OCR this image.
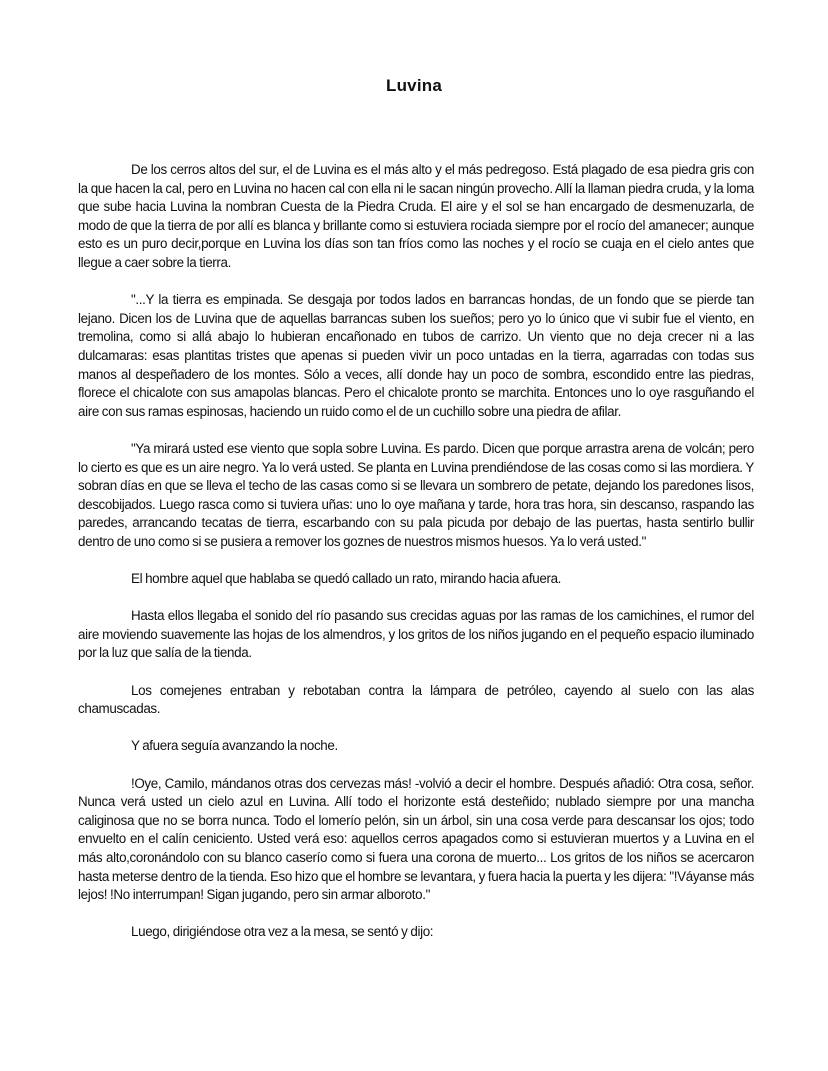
Luvina

De los cerros altos del sur, el de Luvina es el más alto y el más pedregoso. Está plagado de esa piedra gris con la que hacen la cal, pero en Luvina no hacen cal con ella ni le sacan ningún provecho. Allí la llaman piedra cruda, y la loma que sube hacia Luvina la nombran Cuesta de la Piedra Cruda. El aire y el sol se han encargado de desmenuzarla, de modo de que la tierra de por allí es blanca y brillante como si estuviera rociada siempre por el rocío del amanecer; aunque esto es un puro decir,porque en Luvina los días son tan fríos como las noches y el rocío se cuaja en el cielo antes que llegue a caer sobre la tierra.

"...Y la tierra es empinada. Se desgaja por todos lados en barrancas hondas, de un fondo que se pierde tan lejano. Dicen los de Luvina que de aquellas barrancas suben los sueños; pero yo lo único que vi subir fue el viento, en tremolina, como si allá abajo lo hubieran encañonado en tubos de carrizo. Un viento que no deja crecer ni a las dulcamaras: esas plantitas tristes que apenas si pueden vivir un poco untadas en la tierra, agarradas con todas sus manos al despeñadero de los montes. Sólo a veces, allí donde hay un poco de sombra, escondido entre las piedras, florece el chicalote con sus amapolas blancas. Pero el chicalote pronto se marchita. Entonces uno lo oye rasguñando el aire con sus ramas espinosas, haciendo un ruido como el de un cuchillo sobre una piedra de afilar.

"Ya mirará usted ese viento que sopla sobre Luvina. Es pardo. Dicen que porque arrastra arena de volcán; pero lo cierto es que es un aire negro. Ya lo verá usted. Se planta en Luvina prendiéndose de las cosas como si las mordiera. Y sobran días en que se lleva el techo de las casas como si se llevara un sombrero de petate, dejando los paredones lisos, descobijados. Luego rasca como si tuviera uñas: uno lo oye mañana y tarde, hora tras hora, sin descanso, raspando las paredes, arrancando tecatas de tierra, escarbando con su pala picuda por debajo de las puertas, hasta sentirlo bullir dentro de uno como si se pusiera a remover los goznes de nuestros mismos huesos. Ya lo verá usted."

El hombre aquel que hablaba se quedó callado un rato, mirando hacia afuera.

Hasta ellos llegaba el sonido del río pasando sus crecidas aguas por las ramas de los camichines, el rumor del aire moviendo suavemente las hojas de los almendros, y los gritos de los niños jugando en el pequeño espacio iluminado por la luz que salía de la tienda.

Los comejenes entraban y rebotaban contra la lámpara de petróleo, cayendo al suelo con las alas chamuscadas.

Y afuera seguía avanzando la noche.

!Oye, Camilo, mándanos otras dos cervezas más! -volvió a decir el hombre. Después añadió: Otra cosa, señor. Nunca verá usted un cielo azul en Luvina. Allí todo el horizonte está desteñido; nublado siempre por una mancha caliginosa que no se borra nunca. Todo el lomerío pelón, sin un árbol, sin una cosa verde para descansar los ojos; todo envuelto en el calín ceniciento. Usted verá eso: aquellos cerros apagados como si estuvieran muertos y a Luvina en el más alto,coronándolo con su blanco caserío como si fuera una corona de muerto... Los gritos de los niños se acercaron hasta meterse dentro de la tienda. Eso hizo que el hombre se levantara, y fuera hacia la puerta y les dijera: "!Váyanse más lejos! !No interrumpan! Sigan jugando, pero sin armar alboroto."

Luego, dirigiéndose otra vez a la mesa, se sentó y dijo:
